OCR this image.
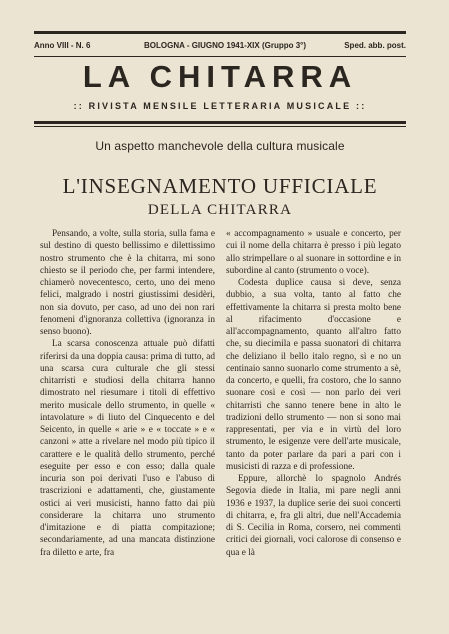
Anno VIII - N. 6	BOLOGNA - GIUGNO 1941-XIX (Gruppo 3°)	Sped. abb. post.
LA CHITARRA
:: RIVISTA MENSILE LETTERARIA MUSICALE ::
Un aspetto manchevole della cultura musicale
L'INSEGNAMENTO UFFICIALE
DELLA CHITARRA

Pensando, a volte, sulla storia, sulla fama e sul destino di questo bellissimo e dilettissimo nostro strumento che è la chitarra, mi sono chiesto se il periodo che, per farmi intendere, chiamerò novecentesco, certo, uno dei meno felici, malgrado i nostri giustissimi desidèri, non sia dovuto, per caso, ad uno dei non rari fenomeni d'ignoranza collettiva (ignoranza in senso buono).

La scarsa conoscenza attuale può difatti riferirsi da una doppia causa: prima di tutto, ad una scarsa cura culturale che gli stessi chitarristi e studiosi della chitarra hanno dimostrato nel riesumare i titoli di effettivo merito musicale dello strumento, in quelle « intavolature » di liuto del Cinquecento e del Seicento, in quelle « arie » e « toccate » e « canzoni » atte a rivelare nel modo più tipico il carattere e le qualità dello strumento, perché eseguite per esso e con esso; dalla quale incuria son poi derivati l'uso e l'abuso di trascrizioni e adattamenti, che, giustamente ostici ai veri musicisti, hanno fatto dai più considerare la chitarra uno strumento d'imitazione e di piatta compitazione; secondariamente, ad una mancata distinzione fra diletto e arte, fra

« accompagnamento » usuale e concerto, per cui il nome della chitarra è presso i più legato allo strimpellare o al suonare in sottordine e in subordine al canto (strumento o voce).

Codesta duplice causa si deve, senza dubbio, a sua volta, tanto al fatto che effettivamente la chitarra si presta molto bene al rifacimento d'occasione e all'accompagnamento, quanto all'altro fatto che, su diecimila e passa suonatori di chitarra che deliziano il bello italo regno, sì e no un centinaio sanno suonarlo come strumento a sè, da concerto, e quelli, fra costoro, che lo sanno suonare così e così — non parlo dei veri chitarristi che sanno tenere bene in alto le tradizioni dello strumento — non si sono mai rappresentati, per via e in virtù del loro strumento, le esigenze vere dell'arte musicale, tanto da poter parlare da pari a pari con i musicisti di razza e di professione.

Eppure, allorchè lo spagnolo Andrés Segovia diede in Italia, mi pare negli anni 1936 e 1937, la duplice serie dei suoi concerti di chitarra, e, fra gli altri, due nell'Accademia di S. Cecilia in Roma, corsero, nei commenti critici dei giornali, voci calorose di consenso e qua e là
